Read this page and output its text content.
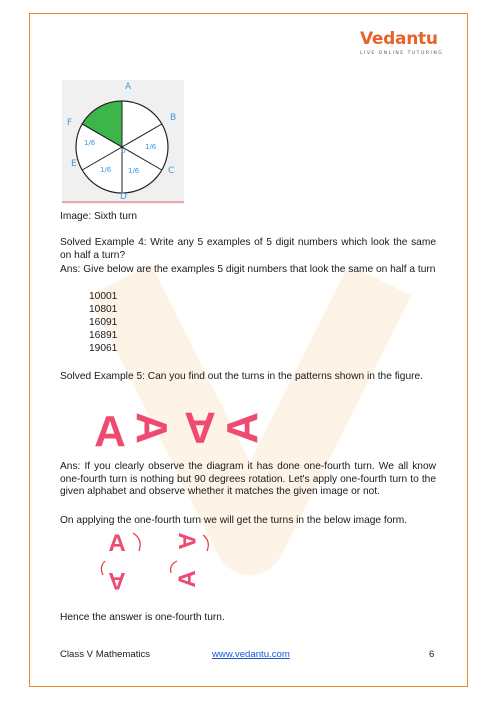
Vedantu
LIVE ONLINE TUTORING
A
B
C
D
E
F
O
1/6	1/6
1/6 1/6
Image: Sixth turn
Solved Example 4: Write any 5 examples of 5 digit numbers which look the same on half a turn?
Ans: Give below are the examples 5 digit numbers that look the same on half a turn
10001
10801
16091
16891
19061
Solved Example 5: Can you find out the turns in the patterns shown in the figure.
A A A A
Ans: If you clearly observe the diagram it has done one-fourth turn. We all know one-fourth turn is nothing but 90 degrees rotation. Let's apply one-fourth turn to the given alphabet and observe whether it matches the given image or not.
On applying the one-fourth turn we will get the turns in the below image form.
A A
A A
Hence the answer is one-fourth turn.
Class V Mathematics	www.vedantu.com	6
